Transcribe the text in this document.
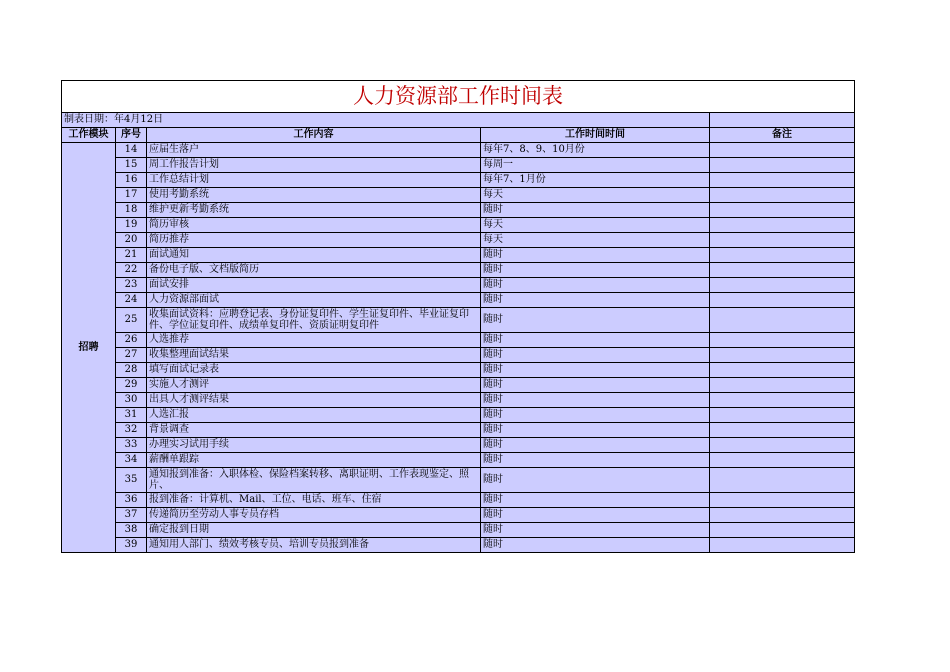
人力资源部工作时间表				
制表日期：年4月12日				
工作模块	序号	工作内容	工作时间时间	备注
招聘	14	应届生落户	每年7、8、9、10月份	
	15	周工作报告计划	每周一	
	16	工作总结计划	每年7、1月份	
	17	使用考勤系统	每天	
	18	维护更新考勤系统	随时	
	19	简历审核	每天	
	20	简历推荐	每天	
	21	面试通知	随时	
	22	备份电子版、文档版简历	随时	
	23	面试安排	随时	
	24	人力资源部面试	随时	
	25	收集面试资料：应聘登记表、身份证复印件、学生证复印件、毕业证复印件、学位证复印件、成绩单复印件、资质证明复印件	随时	
	26	人选推荐	随时	
	27	收集整理面试结果	随时	
	28	填写面试记录表	随时	
	29	实施人才测评	随时	
	30	出具人才测评结果	随时	
	31	人选汇报	随时	
	32	背景调查	随时	
	33	办理实习试用手续	随时	
	34	薪酬单跟踪	随时	
	35	通知报到准备：入职体检、保险档案转移、离职证明、工作表现鉴定、照片、	随时	
	36	报到准备：计算机、Mail、工位、电话、班车、住宿	随时	
	37	传递简历至劳动人事专员存档	随时	
	38	确定报到日期	随时	
	39	通知用人部门、绩效考核专员、培训专员报到准备	随时	
